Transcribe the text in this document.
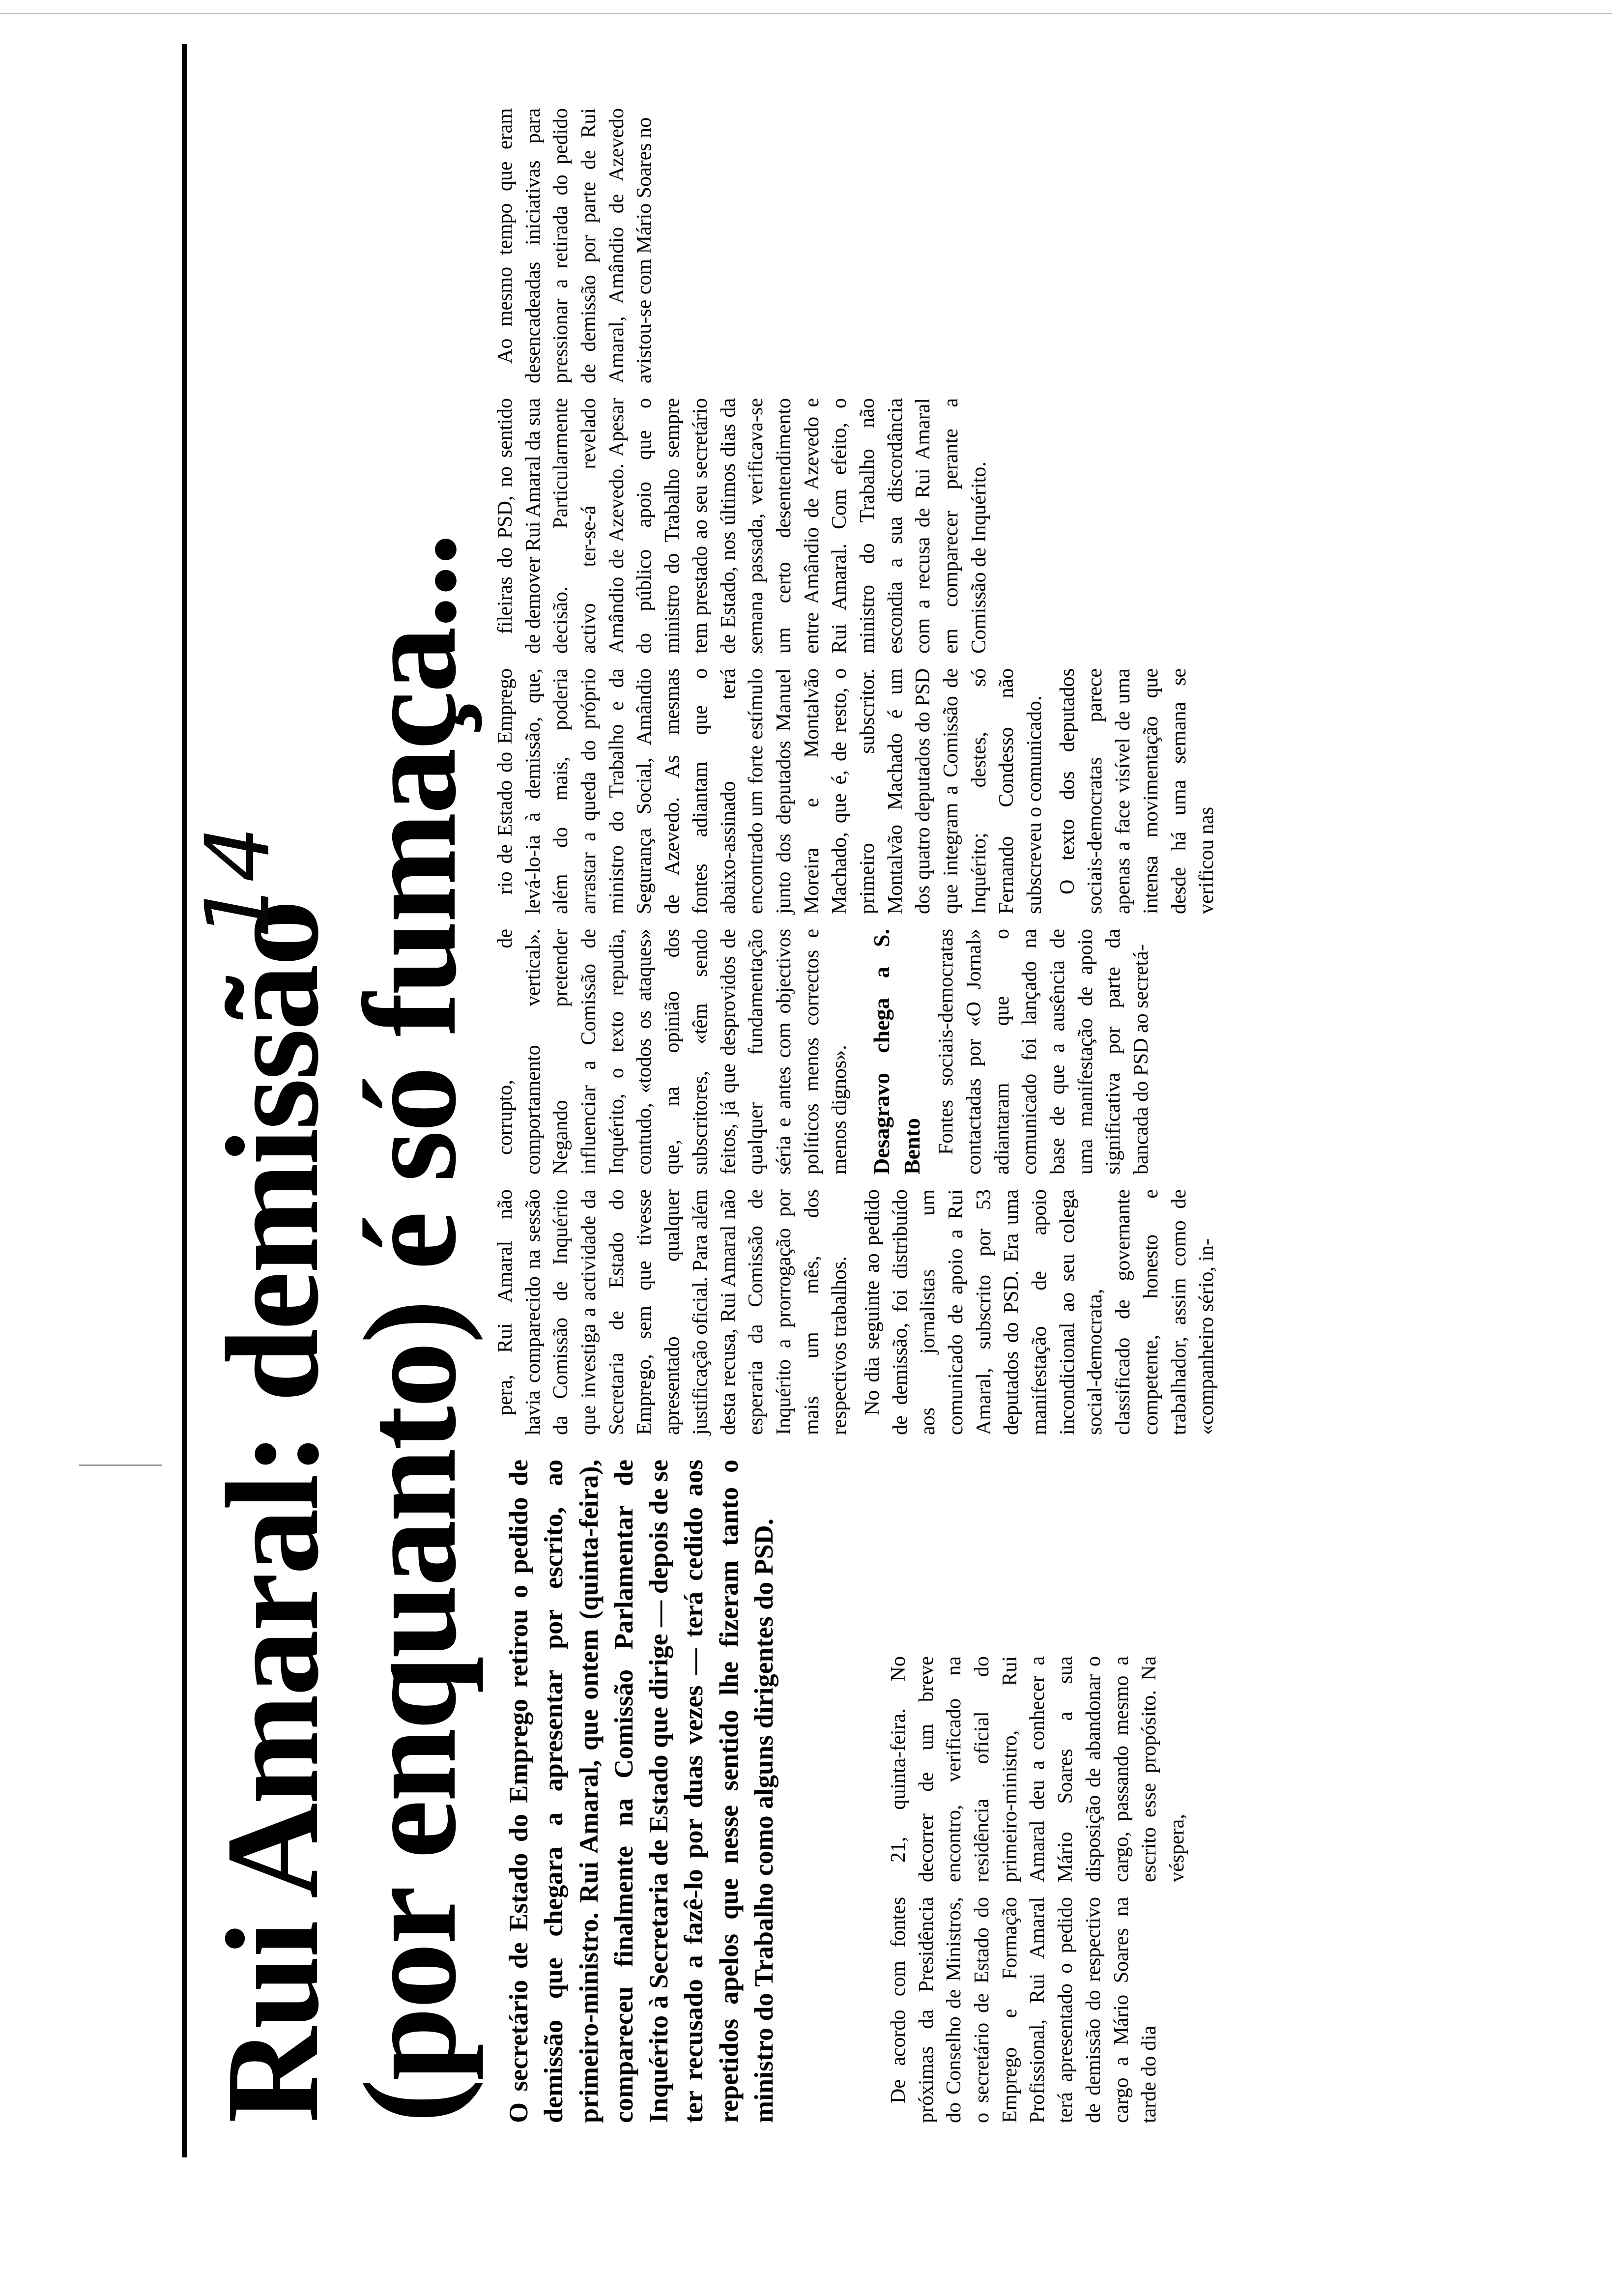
Rui Amaral: demissão
(por enquanto) é só fumaça...
14
O secretário de Estado do Emprego retirou o pedido de demissão que chegara a apresentar por escrito, ao primeiro-ministro. Rui Amaral, que ontem (quinta-feira), compareceu finalmente na Comissão Parlamentar de Inquérito à Secretaria de Estado que dirige — depois de se ter recusado a fazê-lo por duas vezes — terá cedido aos repetidos apelos que nesse sentido lhe fizeram tanto o ministro do Trabalho como alguns dirigentes do PSD.	De acordo com fontes próximas da Presidência do Conselho de Ministros, o secretário de Estado do Emprego e Formação Profissional, Rui Amaral terá apresentado o pedido de demissão do respectivo cargo a Mário Soares na tarde do dia

21, quinta-feira. No decorrer de um breve encontro, verificado na residência oficial do primeiro-ministro, Rui Amaral deu a conhecer a Mário Soares a sua disposição de abandonar o cargo, passando mesmo a escrito esse propósito. Na véspera,

pera, Rui Amaral não havia comparecido na sessão da Comissão de Inquérito que investiga a actividade da Secretaria de Estado do Emprego, sem que tivesse apresentado qualquer justificação oficial. Para além desta recusa, Rui Amaral não esperaria da Comissão de Inquérito a prorrogação por mais um mês, dos respectivos trabalhos. No dia seguinte ao pedido de demissão, foi distribuído aos jornalistas um comunicado de apoio a Rui Amaral, subscrito por 53 deputados do PSD. Era uma manifestação de apoio incondicional ao seu colega social-democrata, classificado de governante competente, honesto e trabalhador, assim como de «companheiro sério, in-

corrupto, de comportamento vertical». Negando pretender influenciar a Comissão de Inquérito, o texto repudia, contudo, «todos os ataques» que, na opinião dos subscritores, «têm sendo feitos, já que desprovidos de qualquer fundamentação séria e antes com objectivos políticos menos correctos e menos dignos». Desagravo chega a S. Bento Fontes sociais-democratas contactadas por «O Jornal» adiantaram que o comunicado foi lançado na base de que a ausência de uma manifestação de apoio significativa por parte da bancada do PSD ao secretá-

rio de Estado do Emprego levá-lo-ia à demissão, que, além do mais, poderia arrastar a queda do próprio ministro do Trabalho e da Segurança Social, Amândio de Azevedo. As mesmas fontes adiantam que o abaixo-assinado terá encontrado um forte estímulo junto dos deputados Manuel Moreira e Montalvão Machado, que é, de resto, o primeiro subscritor. Montalvão Machado é um dos quatro deputados do PSD que integram a Comissão de Inquérito; destes, só Fernando Condesso não subscreveu o comunicado. O texto dos deputados sociais-democratas parece apenas a face visível de uma intensa movimentação que desde há uma semana se verificou nas

fileiras do PSD, no sentido de demover Rui Amaral da sua decisão. Particularmente activo ter-se-á revelado Amândio de Azevedo. Apesar do público apoio que o ministro do Trabalho sempre tem prestado ao seu secretário de Estado, nos últimos dias da semana passada, verificava-se um certo desentendimento entre Amândio de Azevedo e Rui Amaral. Com efeito, o ministro do Trabalho não escondia a sua discordância com a recusa de Rui Amaral em comparecer perante a Comissão de Inquérito.

Ao mesmo tempo que eram desencadeadas iniciativas para pressionar a retirada do pedido de demissão por parte de Rui Amaral, Amândio de Azevedo avistou-se com Mário Soares no
